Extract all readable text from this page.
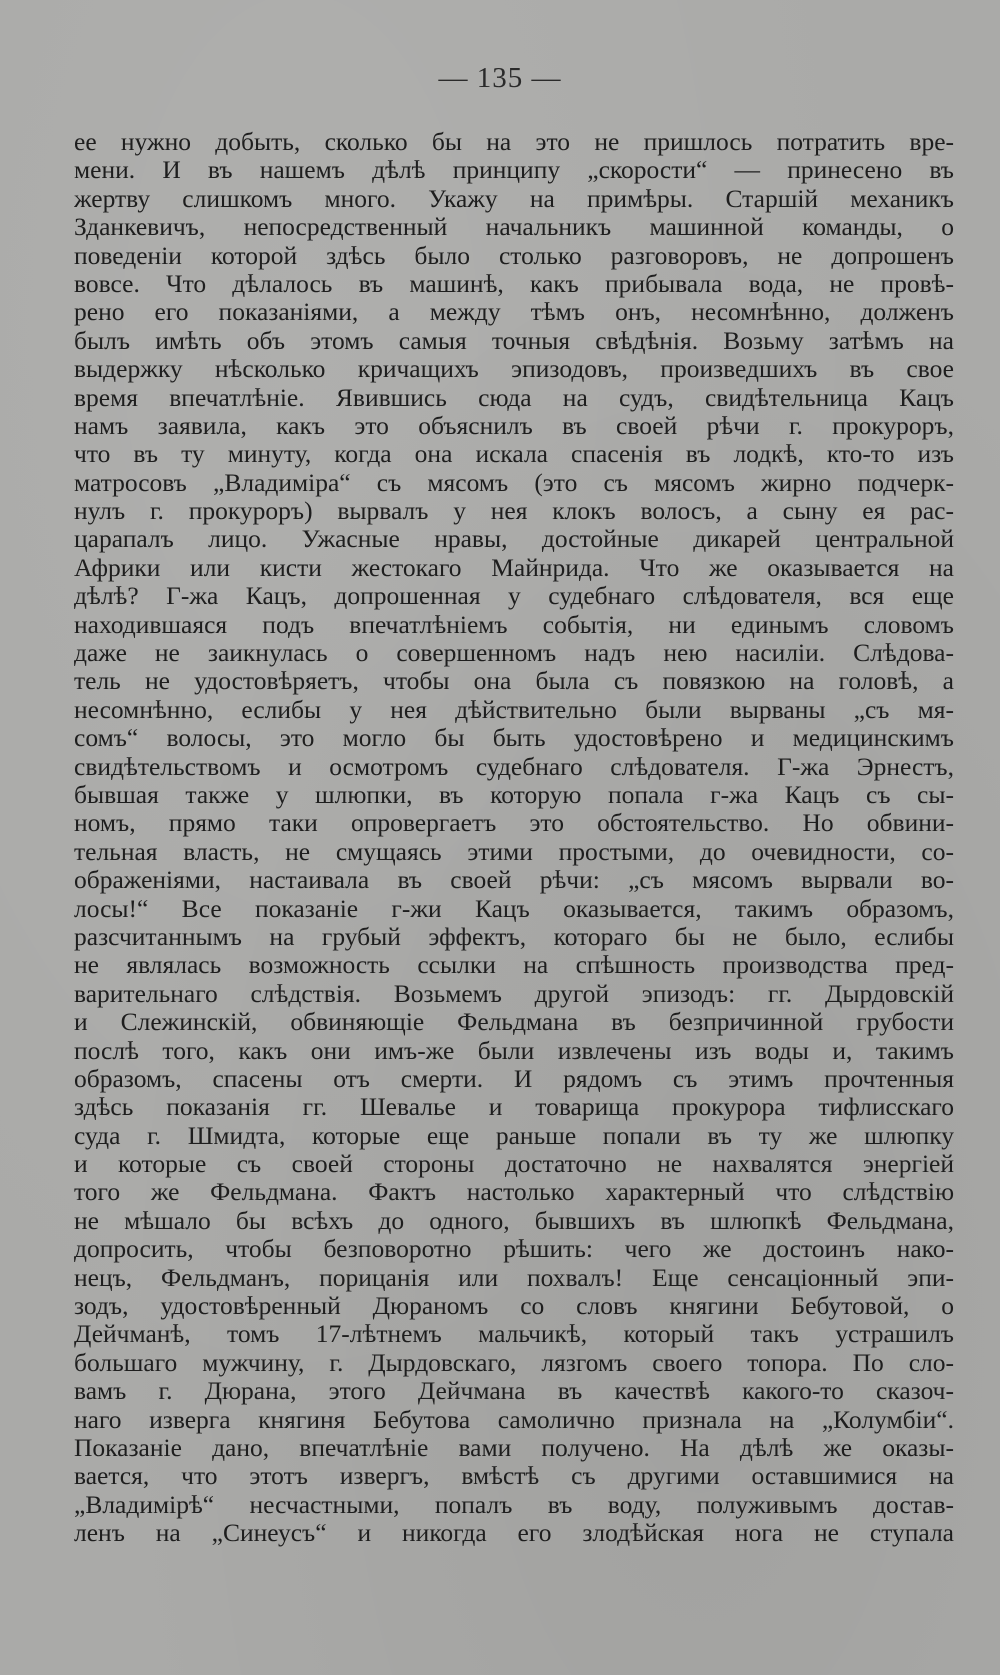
— 135 —
ее нужно добыть, сколько бы на это не пришлось потратить вре-
мени. И въ нашемъ дѣлѣ принципу „скорости“ — принесено въ
жертву слишкомъ много. Укажу на примѣры. Старшій механикъ
Зданкевичъ, непосредственный начальникъ машинной команды, о
поведеніи которой здѣсь было столько разговоровъ, не допрошенъ
вовсе. Что дѣлалось въ машинѣ, какъ прибывала вода, не провѣ-
рено его показаніями, а между тѣмъ онъ, несомнѣнно, долженъ
былъ имѣть объ этомъ самыя точныя свѣдѣнія. Возьму затѣмъ на
выдержку нѣсколько кричащихъ эпизодовъ, произведшихъ въ свое
время впечатлѣніе. Явившись сюда на судъ, свидѣтельница Кацъ
намъ заявила, какъ это объяснилъ въ своей рѣчи г. прокуроръ,
что въ ту минуту, когда она искала спасенія въ лодкѣ, кто-то изъ
матросовъ „Владиміра“ съ мясомъ (это съ мясомъ жирно подчерк-
нулъ г. прокуроръ) вырвалъ у нея клокъ волосъ, а сыну ея рас-
царапалъ лицо. Ужасные нравы, достойные дикарей центральной
Африки или кисти жестокаго Майнрида. Что же оказывается на
дѣлѣ? Г-жа Кацъ, допрошенная у судебнаго слѣдователя, вся еще
находившаяся подъ впечатлѣніемъ событія, ни единымъ словомъ
даже не заикнулась о совершенномъ надъ нею насиліи. Слѣдова-
тель не удостовѣряетъ, чтобы она была съ повязкою на головѣ, а
несомнѣнно, еслибы у нея дѣйствительно были вырваны „съ мя-
сомъ“ волосы, это могло бы быть удостовѣрено и медицинскимъ
свидѣтельствомъ и осмотромъ судебнаго слѣдователя. Г-жа Эрнестъ,
бывшая также у шлюпки, въ которую попала г-жа Кацъ съ сы-
номъ, прямо таки опровергаетъ это обстоятельство. Но обвини-
тельная власть, не смущаясь этими простыми, до очевидности, со-
ображеніями, настаивала въ своей рѣчи: „съ мясомъ вырвали во-
лосы!“ Все показаніе г-жи Кацъ оказывается, такимъ образомъ,
разсчитаннымъ на грубый эффектъ, котораго бы не было, еслибы
не являлась возможность ссылки на спѣшность производства пред-
варительнаго слѣдствія. Возьмемъ другой эпизодъ: гг. Дырдовскій
и Слежинскій, обвиняющіе Фельдмана въ безпричинной грубости
послѣ того, какъ они имъ-же были извлечены изъ воды и, такимъ
образомъ, спасены отъ смерти. И рядомъ съ этимъ прочтенныя
здѣсь показанія гг. Шевалье и товарища прокурора тифлисскаго
суда г. Шмидта, которые еще раньше попали въ ту же шлюпку
и которые съ своей стороны достаточно не нахвалятся энергіей
того же Фельдмана. Фактъ настолько характерный что слѣдствію
не мѣшало бы всѣхъ до одного, бывшихъ въ шлюпкѣ Фельдмана,
допросить, чтобы безповоротно рѣшить: чего же достоинъ нако-
нецъ, Фельдманъ, порицанія или похвалъ! Еще сенсаціонный эпи-
зодъ, удостовѣренный Дюраномъ со словъ княгини Бебутовой, о
Дейчманѣ, томъ 17-лѣтнемъ мальчикѣ, который такъ устрашилъ
большаго мужчину, г. Дырдовскаго, лязгомъ своего топора. По сло-
вамъ г. Дюрана, этого Дейчмана въ качествѣ какого-то сказоч-
наго изверга княгиня Бебутова самолично признала на „Колумбіи“.
Показаніе дано, впечатлѣніе вами получено. На дѣлѣ же оказы-
вается, что этотъ извергъ, вмѣстѣ съ другими оставшимися на
„Владимірѣ“ несчастными, попалъ въ воду, полуживымъ достав-
ленъ на „Синеусъ“ и никогда его злодѣйская нога не ступала
